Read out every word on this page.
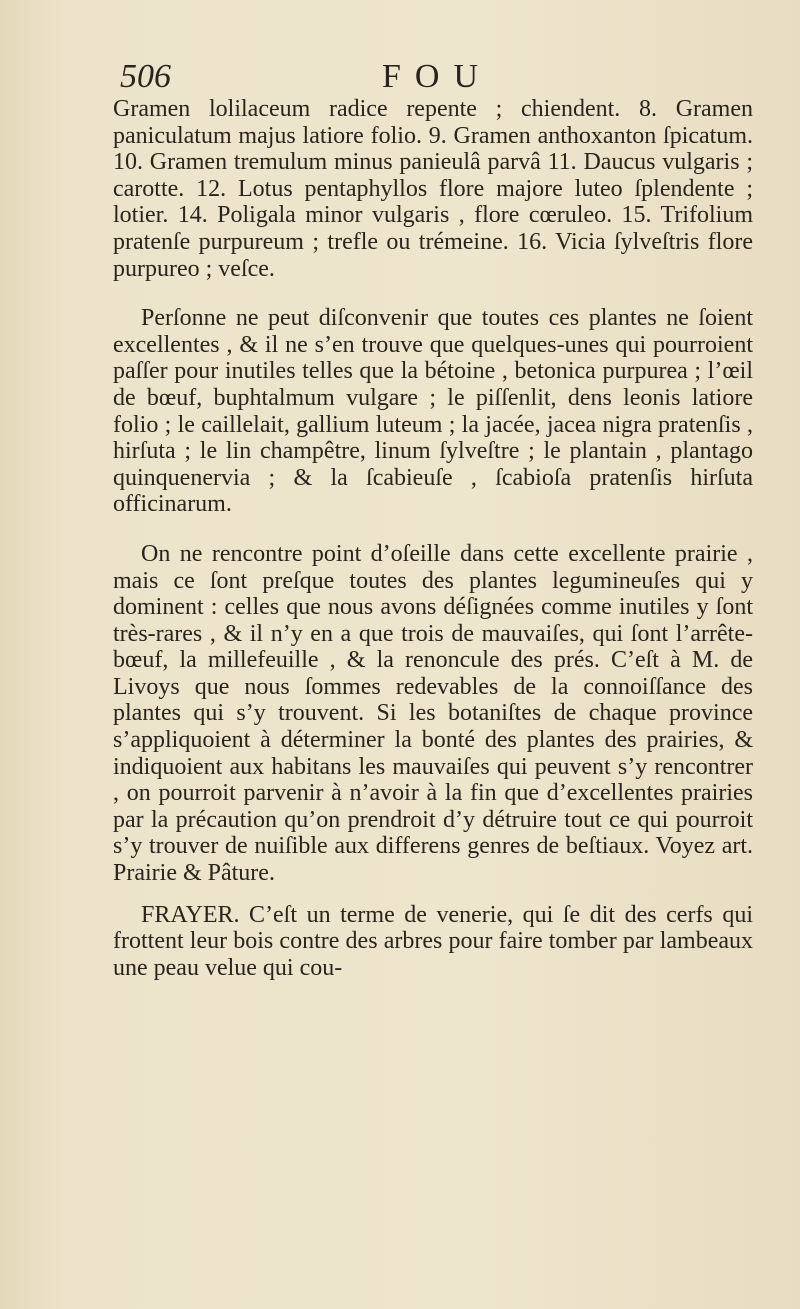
506	FOU

Gramen lolilaceum radice repente ; chiendent. 8. Gramen paniculatum majus latiore folio. 9. Gramen anthoxanton ſpicatum. 10. Gramen tremulum minus panieulâ parvâ 11. Daucus vulgaris ; carotte. 12. Lotus pentaphyllos flore majore luteo ſplendente ; lotier. 14. Poligala minor vulgaris , flore cœruleo. 15. Trifolium pratenſe purpureum ; trefle ou trémeine. 16. Vicia ſylveſtris flore purpureo ; veſce.

Perſonne ne peut diſconvenir que toutes ces plantes ne ſoient excellentes , & il ne s’en trouve que quelques-unes qui pourroient paſſer pour inutiles telles que la bétoine , betonica purpurea ; l’œil de bœuf, buphtalmum vulgare ; le piſſenlit, dens leonis latiore folio ; le caillelait, gallium luteum ; la jacée, jacea nigra pratenſis , hirſuta ; le lin champêtre, linum ſylveſtre ; le plantain , plantago quinquenervia ; & la ſcabieuſe , ſcabioſa pratenſis hirſuta officinarum.

On ne rencontre point d’oſeille dans cette excellente prairie , mais ce ſont preſque toutes des plantes legumineuſes qui y dominent : celles que nous avons déſignées comme inutiles y ſont très-rares , & il n’y en a que trois de mauvaiſes, qui ſont l’arrête-bœuf, la millefeuille , & la renoncule des prés. C’eſt à M. de Livoys que nous ſommes redevables de la connoiſſance des plantes qui s’y trouvent. Si les botaniſtes de chaque province s’appliquoient à déterminer la bonté des plantes des prairies, & indiquoient aux habitans les mauvaiſes qui peuvent s’y rencontrer , on pourroit parvenir à n’avoir à la fin que d’excellentes prairies par la précaution qu’on prendroit d’y détruire tout ce qui pourroit s’y trouver de nuiſible aux differens genres de beſtiaux. Voyez art. Prairie & Pâture.

FRAYER. C’eſt un terme de venerie, qui ſe dit des cerfs qui frottent leur bois contre des arbres pour faire tomber par lambeaux une peau velue qui cou-
